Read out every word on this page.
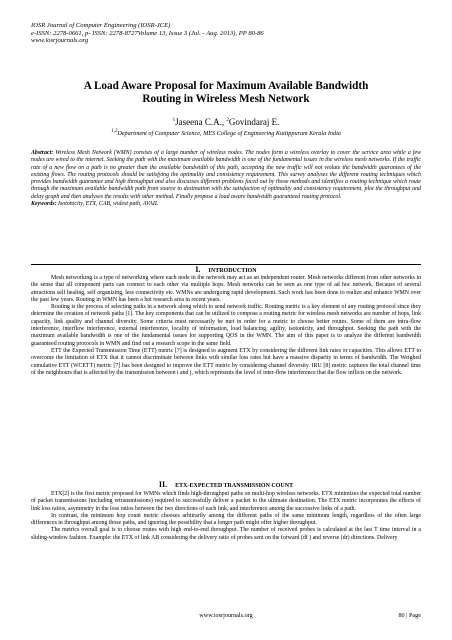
IOSR Journal of Computer Engineering (IOSR-JCE)
e-ISSN: 2278-0661, p- ISSN: 2278-8727Volume 13, Issue 3 (Jul. - Aug. 2013), PP 80-86
www.iosrjournals.org
A Load Aware Proposal for Maximum Available Bandwidth
Routing in Wireless Mesh Network
$^1$Jaseena C.A., $^2$Govindaraj E.
$^{1,2}$Department of Computer Science, MES College of Engineering Kuttippuram Kerala India
Abstract: Wireless Mesh Network (WMN) consists of a large number of wireless nodes. The nodes form a wireless overlay to cover the service area while a few nodes are wired to the internet. Seeking the path with the maximum available bandwidth is one of the fundamental issues in the wireless mesh networks. If the traffic rate of a new flow on a path is no greater than the available bandwidth of this path, accepting the new traffic will not violate the bandwidth guarantees of the existing flows. The routing protocols should be satisfying the optimality and consistency requirement. This survey analyses the different routing techniques which provides bandwidth guarantee and high throughput and also discusses different problems faced out by those methods and identifies a routing technique which route through the maximum available bandwidth path from source to destination with the satisfaction of optimality and consistency requirement, plot the throughput and delay graph and then analyses the results with other method. Finally propose a load aware bandwidth guaranteed routing protocol.
Keywords: Isotonicity, ETX, CAB, widest path, AVAIL
I. INTRODUCTION

Mesh networking is a type of networking where each node in the network may act as an independent router. Mesh networks different from other networks in the sense that all component parts can connect to each other via multiple hops. Mesh networks can be seen as one type of ad hoc network. Because of several attractions self healing, self organizing, less connectivity etc. WMNs are undergoing rapid development. Such work has been done to realize and enhance WMN over the past few years. Routing in WMN has been a hot research area in recent years.

Routing is the process of selecting paths in a network along which to send network traffic. Routing metric is a key element of any routing protocol since they determine the creation of network paths [1]. The key components that can be utilized to compose a routing metric for wireless mesh networks are number of hops, link capacity, link quality and channel diversity. Some criteria must necessarily be met in order for a metric to choose better routes. Some of them are intra-flow interference, interflow interference, external interference, locality of information, load balancing, agility, isotonicity, and throughput. Seeking the path with the maximum available bandwidth is one of the fundamental issues for supporting QOS in the WMN. The aim of this paper is to analyze the different bandwidth guaranteed routing protocols in WMN and find out a research scope in the same field.

ETT the Expected Transmission Time (ETT) metric [7] is designed to augment ETX by considering the different link rates or capacities. This allows ETT to overcome the limitation of ETX that it cannot discriminate between links with similar loss rates but have a massive disparity in terms of bandwidth. The Weighed cumulative ETT (WCETT) metric [7] has been designed to improve the ETT metric by considering channel diversity. IRU [8] metric captures the total channel time of the neighbours that is affected by the transmission between i and j, which represents the level of inter-flow interference that the flow inflicts on the network.

II. ETX-EXPECTED TRANSMISSION COUNT

ETX[2] is the first metric proposed for WMNs which finds high-throughput paths on multi-hop wireless networks. ETX minimizes the expected total number of packet transmissions (including retransmissions) required to successfully deliver a packet to the ultimate destination. The ETX metric incorporates the effects of link loss ratios, asymmetry in the loss ratios between the two directions of each link, and interference among the successive links of a path.

In contrast, the minimum hop count metric chooses arbitrarily among the different paths of the same minimum length, regardless of the often large differences in throughput among those paths, and ignoring the possibility that a longer path might offer higher throughput.

The metrics overall goal is to choose routes with high end-to-end throughput. The number of received probes is calculated at the last T time interval in a sliding-window fashion. Example: the ETX of link AB considering the delivery ratio of probes sent on the forward (df ) and reverse (dr) directions. Delivery

www.iosrjournals.org	80 | Page
